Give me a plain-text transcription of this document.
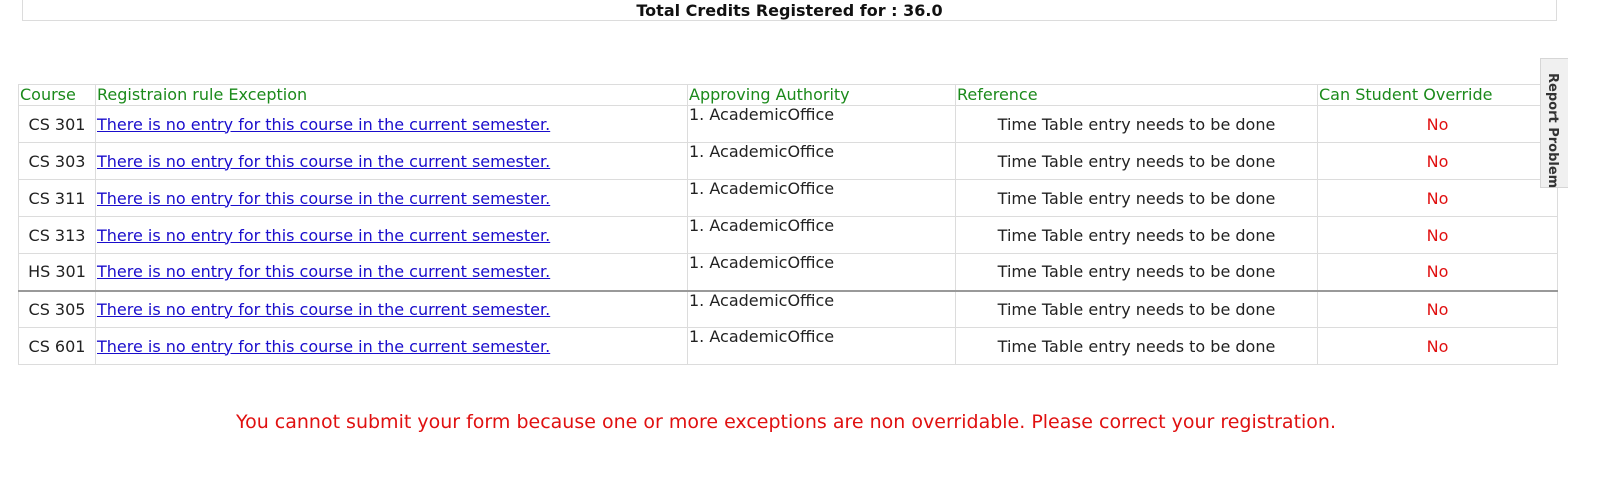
Total Credits Registered for : 36.0
Course	Registraion rule Exception	Approving Authority	Reference	Can Student Override
CS 301	There is no entry for this course in the current semester.	1. AcademicOffice	Time Table entry needs to be done	No
CS 303	There is no entry for this course in the current semester.	1. AcademicOffice	Time Table entry needs to be done	No
CS 311	There is no entry for this course in the current semester.	1. AcademicOffice	Time Table entry needs to be done	No
CS 313	There is no entry for this course in the current semester.	1. AcademicOffice	Time Table entry needs to be done	No
HS 301	There is no entry for this course in the current semester.	1. AcademicOffice	Time Table entry needs to be done	No
CS 305	There is no entry for this course in the current semester.	1. AcademicOffice	Time Table entry needs to be done	No
CS 601	There is no entry for this course in the current semester.	1. AcademicOffice	Time Table entry needs to be done	No
You cannot submit your form because one or more exceptions are non overridable. Please correct your registration.
Report Problem
